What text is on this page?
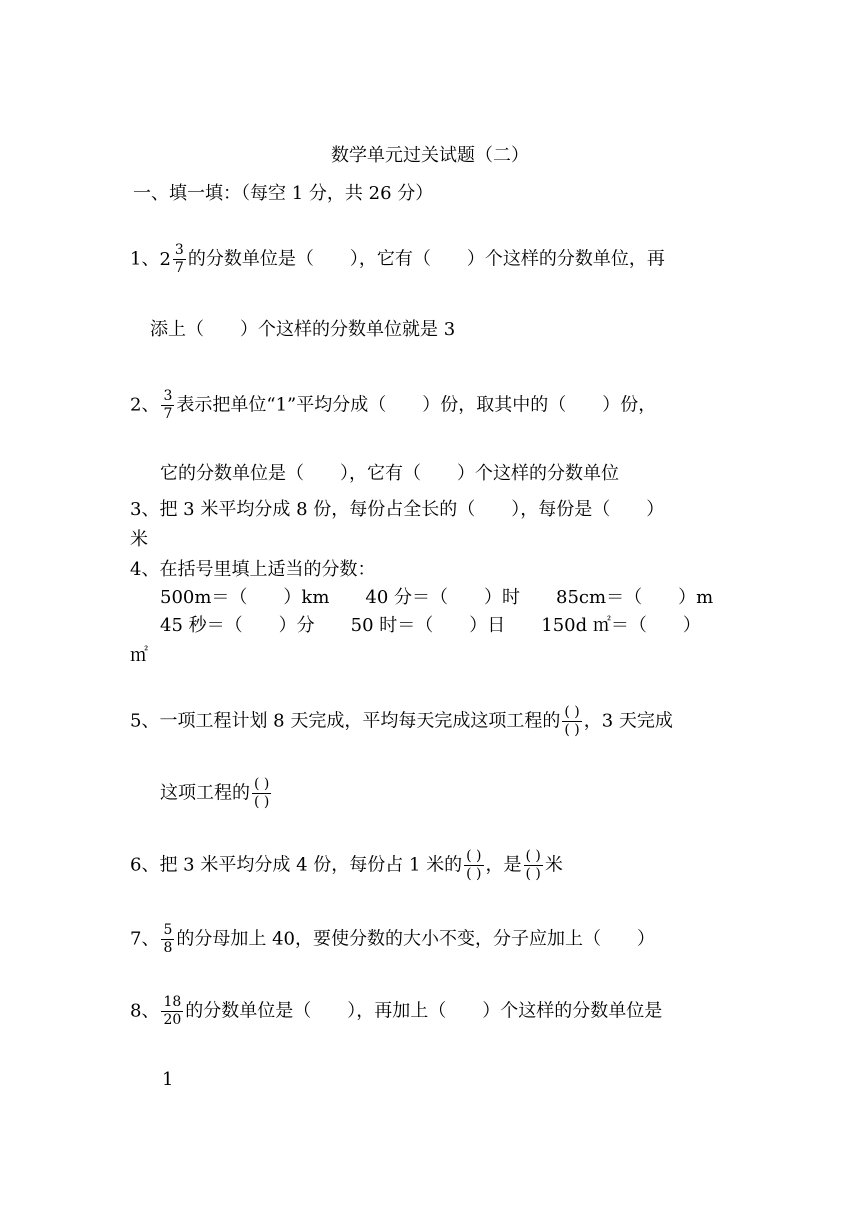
数学单元过关试题（二）
一、填一填：（每空 1 分，共 26 分）
1、$2 \frac{3}{7}$ 的分数单位是（　　），它有（　　）个这样的分数单位，再
添上（　　）个这样的分数单位就是 3
2、 $\frac{3}{7}$ 表示把单位“1”平均分成（　　）份，取其中的（　　）份，
它的分数单位是（　　），它有（　　）个这样的分数单位
3、把 3 米平均分成 8 份，每份占全长的（　　），每份是（　　）
米
4、在括号里填上适当的分数：
500m＝（　　）km　　40 分＝（　　）时　　85cm＝（　　）m
45 秒＝（　　）分　　50 时＝（　　）日　　150d ㎡＝（　　）
㎡
5、一项工程计划 8 天完成，平均每天完成这项工程的 $\frac{( )}{( )}$ ，3 天完成
这项工程的 $\frac{( )}{( )}$
6、把 3 米平均分成 4 份，每份占 1 米的 $\frac{( )}{( )}$ ，是 $\frac{( )}{( )}$ 米
7、 $\frac{5}{8}$ 的分母加上 40，要使分数的大小不变，分子应加上（　　）
8、 $\frac{18}{20}$ 的分数单位是（　　），再加上（　　）个这样的分数单位是
1
